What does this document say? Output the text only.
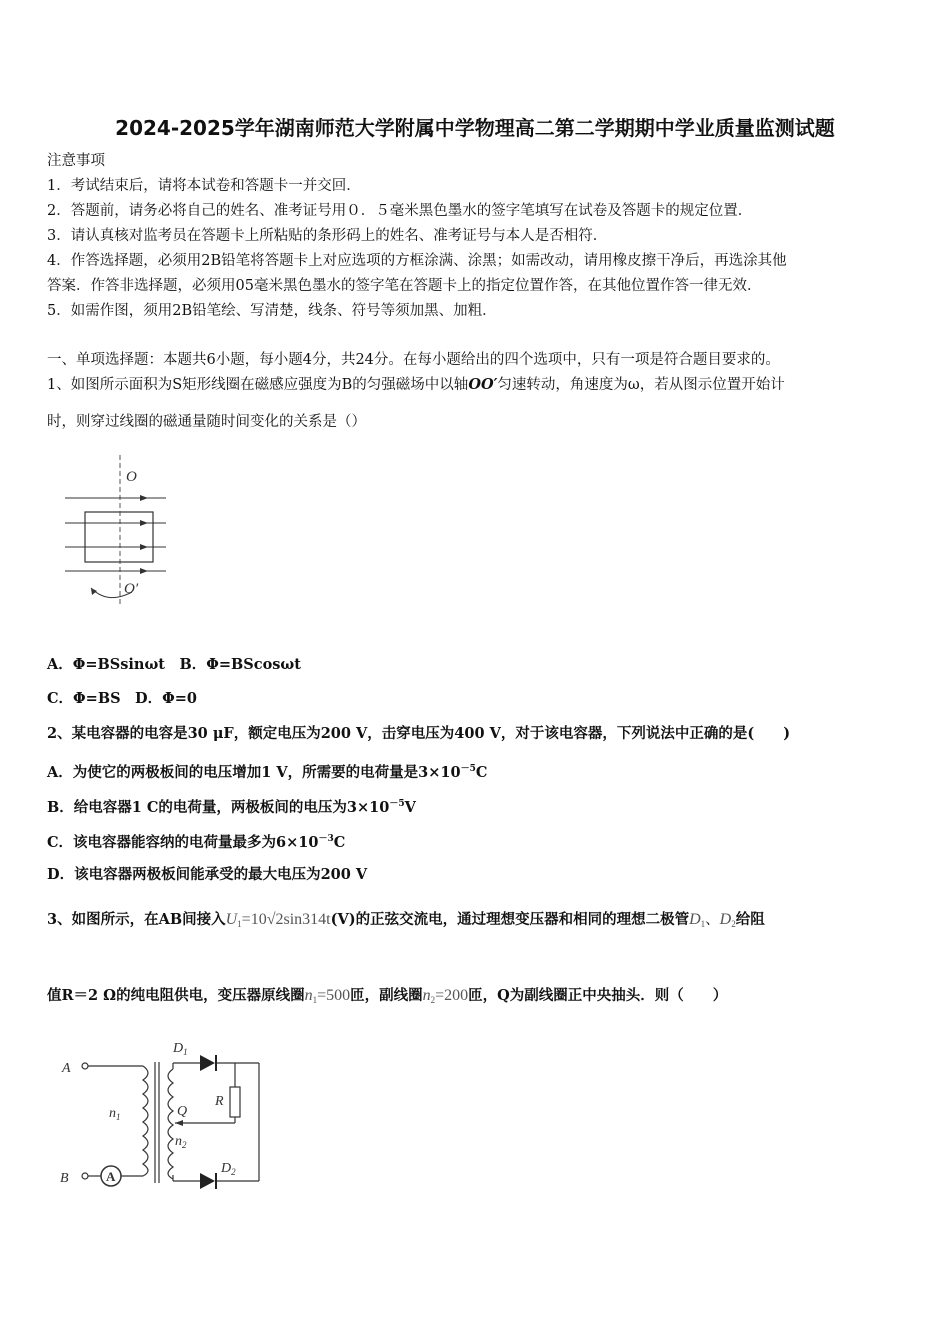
2024-2025学年湖南师范大学附属中学物理高二第二学期期中学业质量监测试题
注意事项
1．考试结束后，请将本试卷和答题卡一并交回．
2．答题前，请务必将自己的姓名、准考证号用０．５毫米黑色墨水的签字笔填写在试卷及答题卡的规定位置．
3．请认真核对监考员在答题卡上所粘贴的条形码上的姓名、准考证号与本人是否相符．
4．作答选择题，必须用2B铅笔将答题卡上对应选项的方框涂满、涂黑；如需改动，请用橡皮擦干净后，再选涂其他
答案．作答非选择题，必须用05毫米黑色墨水的签字笔在答题卡上的指定位置作答，在其他位置作答一律无效．
5．如需作图，须用2B铅笔绘、写清楚，线条、符号等须加黑、加粗．
一、单项选择题：本题共6小题，每小题4分，共24分。在每小题给出的四个选项中，只有一项是符合题目要求的。
1、如图所示面积为S矩形线圈在磁感应强度为B的匀强磁场中以轴OO′匀速转动，角速度为ω，若从图示位置开始计
时，则穿过线圈的磁通量随时间变化的关系是（）
O
O′
A．Φ=BSsinωt　B．Φ=BScosωt
C．Φ=BS　D．Φ=0
2、某电容器的电容是30 μF，额定电压为200 V，击穿电压为400 V，对于该电容器，下列说法中正确的是(　　)
A．为使它的两极板间的电压增加1 V，所需要的电荷量是$3\times 10^{-5}C$
B．给电容器1 C的电荷量，两极板间的电压为$3\times 10^{-5}V$
C．该电容器能容纳的电荷量最多为$6\times 10^{-3}C$
D．该电容器两极板间能承受的最大电压为200 V
3、如图所示，在AB间接入$U_1=10√2\sin 314t(V)$的正弦交流电，通过理想变压器和相同的理想二极管$D_1$、$D_2$给阻
值R＝2 Ω的纯电阻供电，变压器原线圈$n_1=500$匝，副线圈$n_2=200$匝，Q为副线圈正中央抽头．则（　　）
A
A
B
$D_1$
$D_2$
R
Q
$n_1$
$n_2$
